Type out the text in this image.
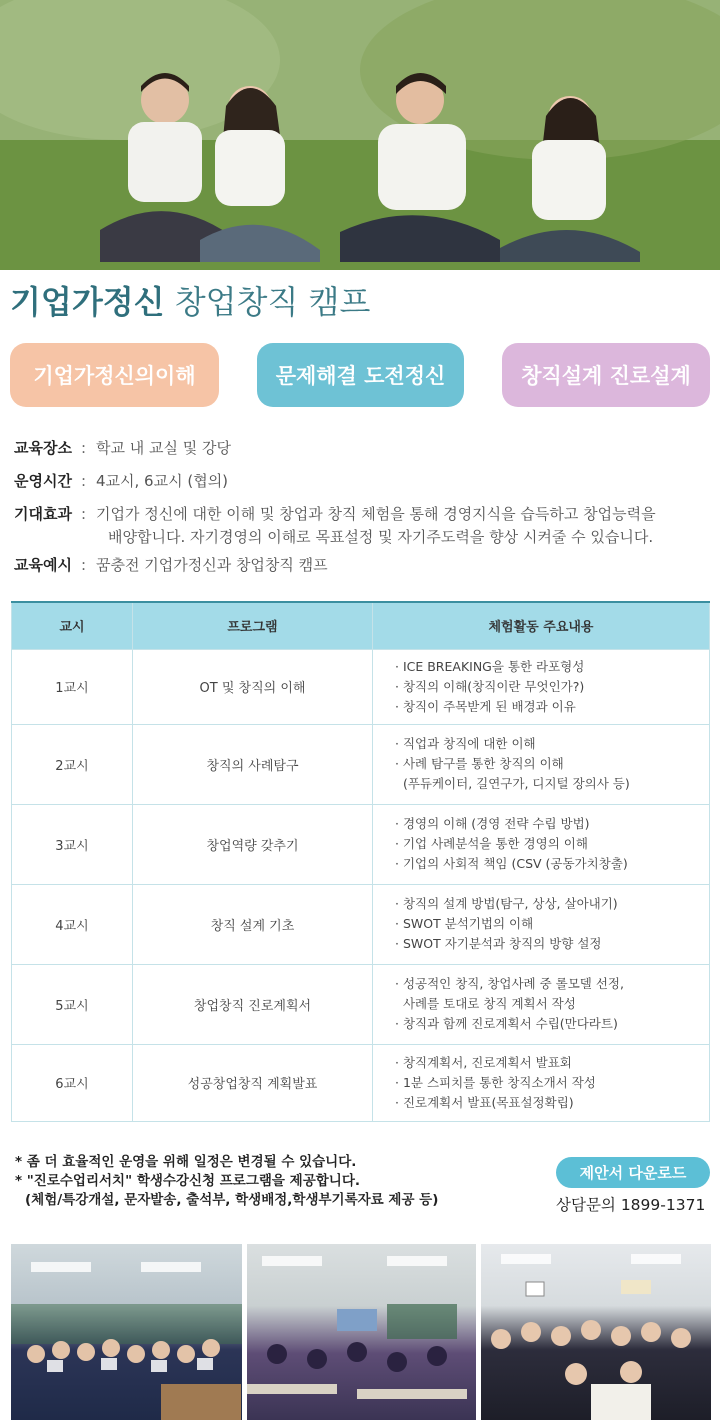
기업가정신 창업창직 캠프
기업가정신의이해	문제해결 도전정신	창직설계 진로설계
교육장소 : 학교 내 교실 및 강당
운영시간 : 4교시, 6교시 (협의)
기대효과 : 기업가 정신에 대한 이해 및 창업과 창직 체험을 통해 경영지식을 습득하고 창업능력을
배양합니다. 자기경영의 이해로 목표설정 및 자기주도력을 향상 시켜줄 수 있습니다.
교육예시 : 꿈충전 기업가정신과 창업창직 캠프
교시	프로그램	체험활동 주요내용
1교시	OT 및 창직의 이해	· ICE BREAKING을 통한 라포형성
· 창직의 이해(창직이란 무엇인가?)
· 창직이 주목받게 된 배경과 이유

2교시	창직의 사례탐구	· 직업과 창직에 대한 이해
· 사례 탐구를 통한 창직의 이해
(푸듀케이터, 길연구가, 디지털 장의사 등)

3교시	창업역량 갖추기	· 경영의 이해 (경영 전략 수립 방법)
· 기업 사례분석을 통한 경영의 이해
· 기업의 사회적 책임 (CSV (공동가치창출)

4교시	창직 설계 기초	· 창직의 설계 방법(탐구, 상상, 살아내기)
· SWOT 분석기법의 이해
· SWOT 자기분석과 창직의 방향 설정

5교시	창업창직 진로계획서	· 성공적인 창직, 창업사례 중 롤모델 선정,
사례를 토대로 창직 계획서 작성
· 창직과 함께 진로계획서 수립(만다라트)

6교시	성공창업창직 계획발표	· 창직계획서, 진로계획서 발표회
· 1분 스피치를 통한 창직소개서 작성
· 진로계획서 발표(목표설정확립)
* 좀 더 효율적인 운영을 위해 일정은 변경될 수 있습니다.
* "진로수업리서치" 학생수강신청 프로그램을 제공합니다.
(체험/특강개설, 문자발송, 출석부, 학생배정,학생부기록자료 제공 등)
제안서 다운로드
상담문의 1899-1371
